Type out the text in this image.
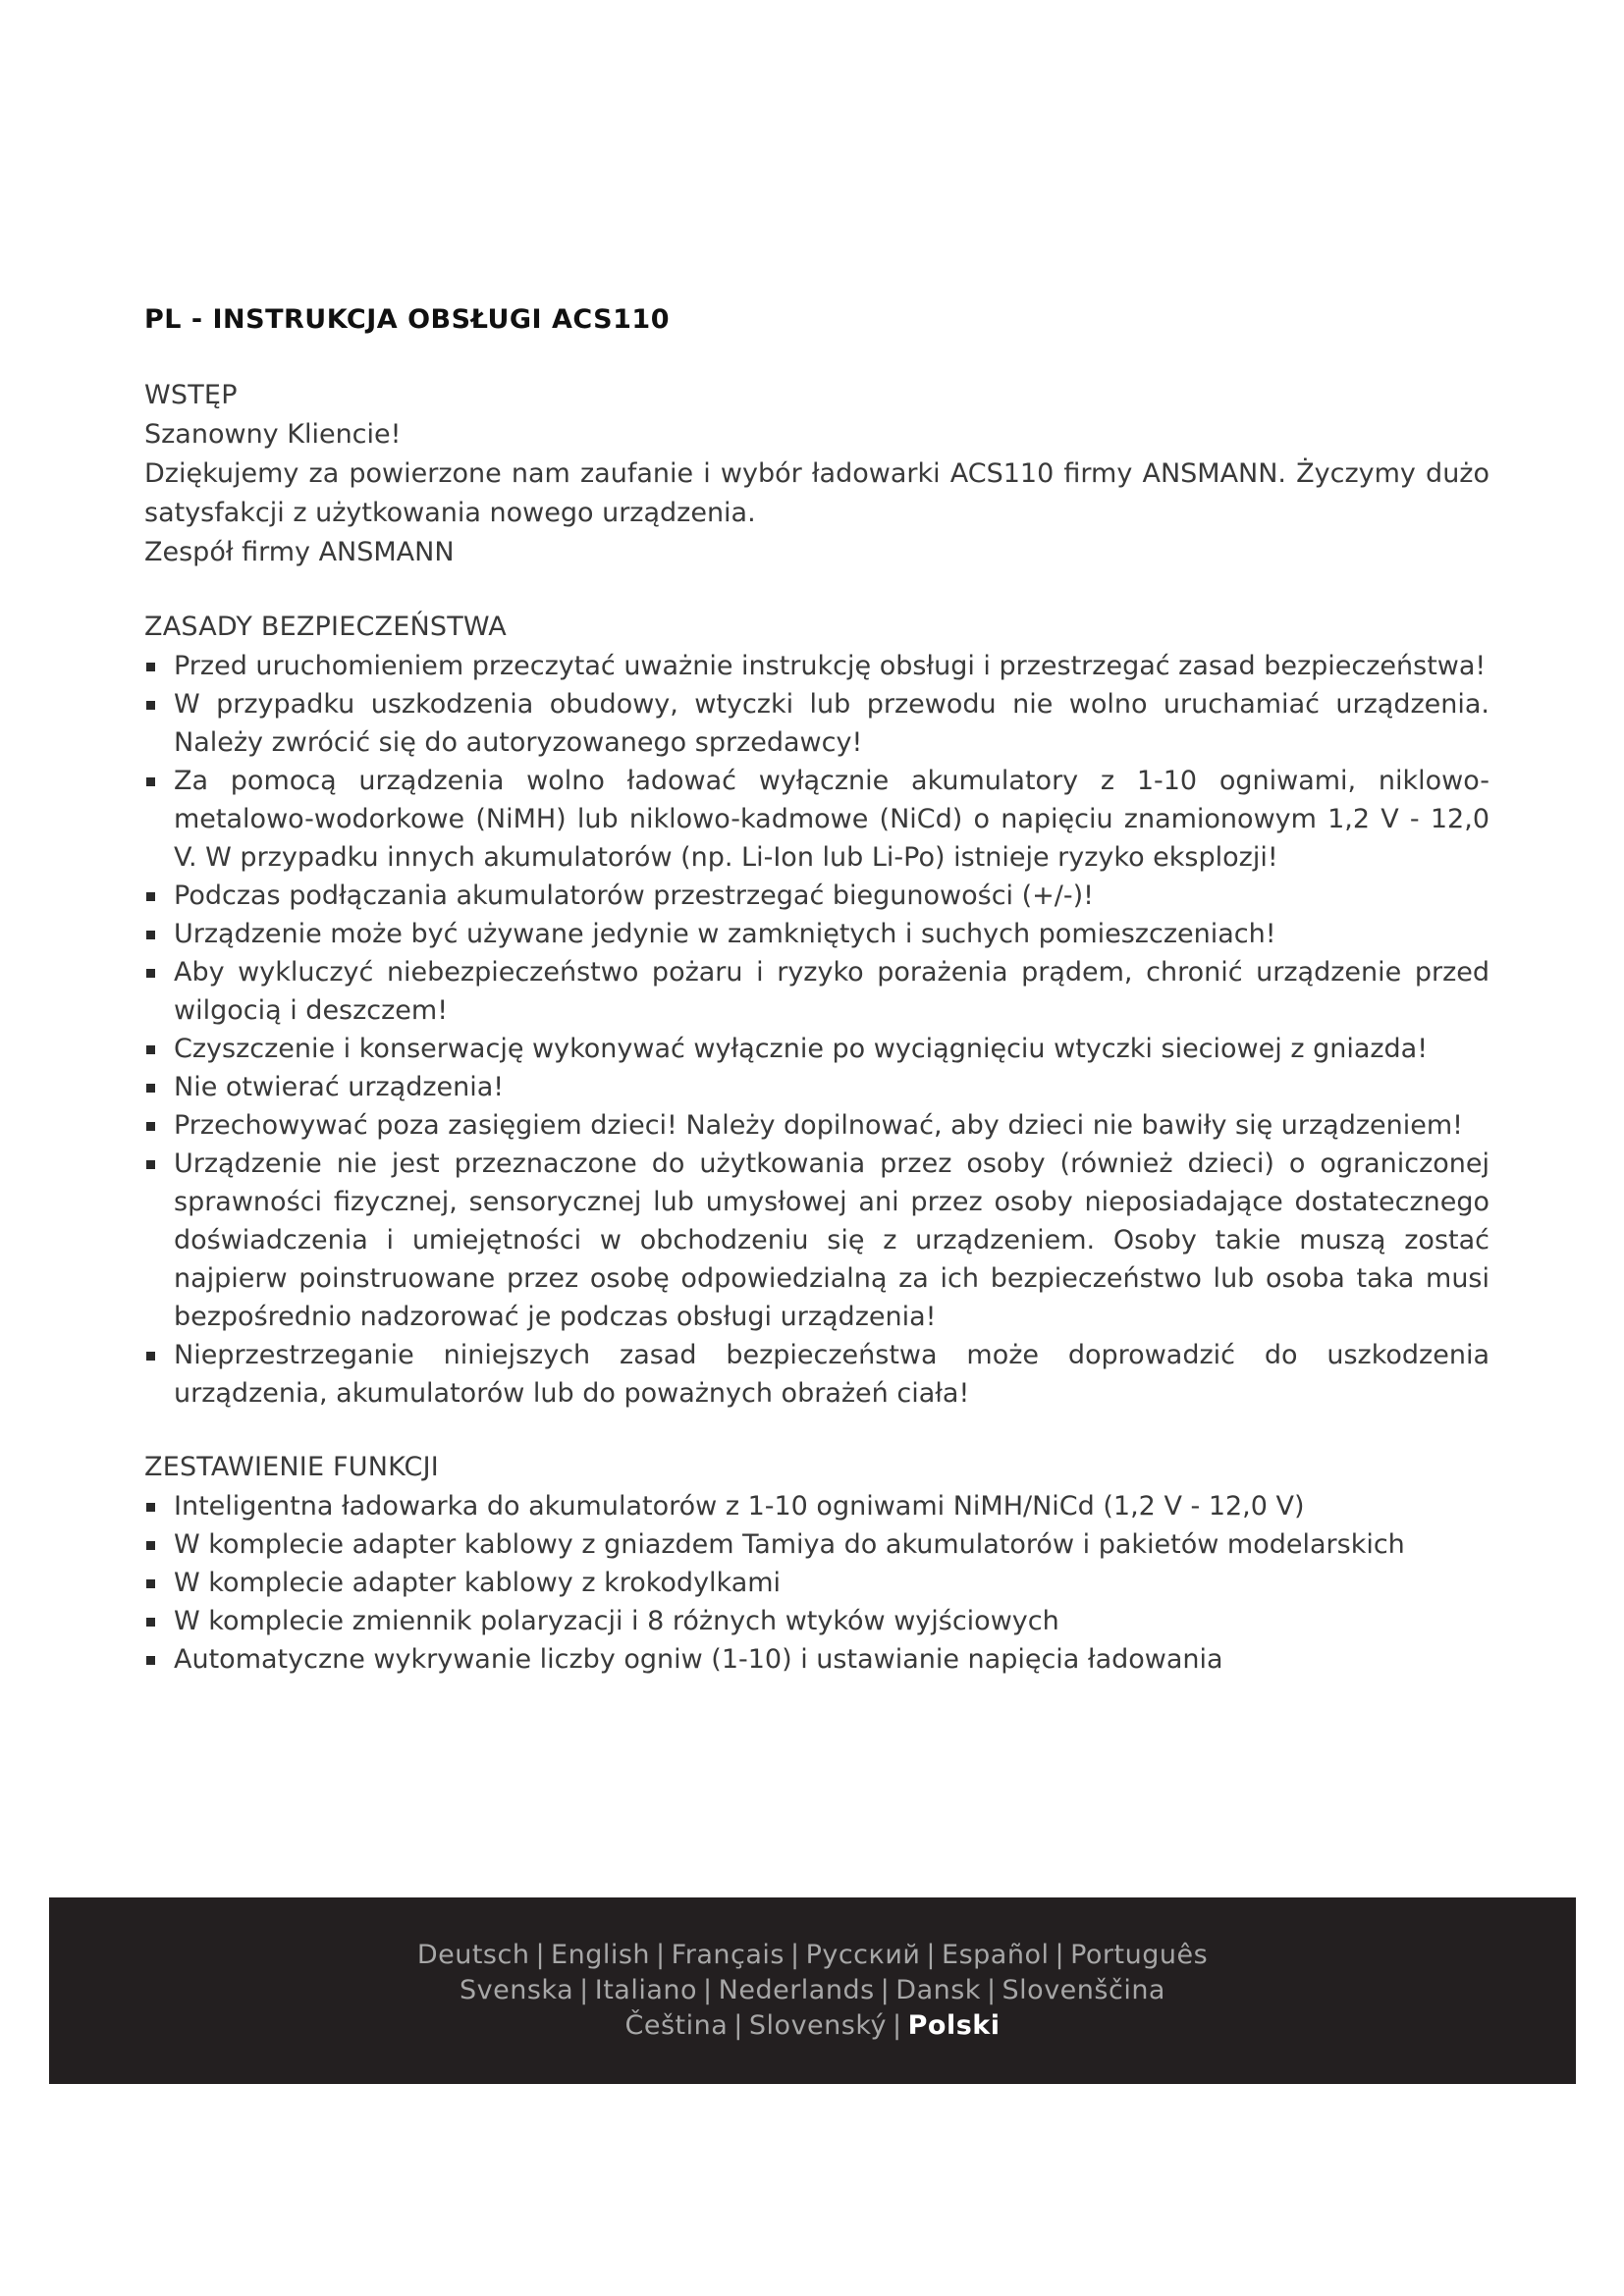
PL - INSTRUKCJA OBSŁUGI ACS110
WSTĘP
Szanowny Kliencie!
Dziękujemy za powierzone nam zaufanie i wybór ładowarki ACS110 firmy ANSMANN. Życzymy dużo satysfakcji z użytkowania nowego urządzenia.
Zespół firmy ANSMANN
ZASADY BEZPIECZEŃSTWA
Przed uruchomieniem przeczytać uważnie instrukcję obsługi i przestrzegać zasad bezpieczeństwa!
W przypadku uszkodzenia obudowy, wtyczki lub przewodu nie wolno uruchamiać urządzenia. Należy zwrócić się do autoryzowanego sprzedawcy!
Za pomocą urządzenia wolno ładować wyłącznie akumulatory z 1-10 ogniwami, niklowo-metalowo-wodorkowe (NiMH) lub niklowo-kadmowe (NiCd) o napięciu znamionowym 1,2 V - 12,0 V. W przypadku innych akumulatorów (np. Li-Ion lub Li-Po) istnieje ryzyko eksplozji!
Podczas podłączania akumulatorów przestrzegać biegunowości (+/-)!
Urządzenie może być używane jedynie w zamkniętych i suchych pomieszczeniach!
Aby wykluczyć niebezpieczeństwo pożaru i ryzyko porażenia prądem, chronić urządzenie przed wilgocią i deszczem!
Czyszczenie i konserwację wykonywać wyłącznie po wyciągnięciu wtyczki sieciowej z gniazda!
Nie otwierać urządzenia!
Przechowywać poza zasięgiem dzieci! Należy dopilnować, aby dzieci nie bawiły się urządzeniem!
Urządzenie nie jest przeznaczone do użytkowania przez osoby (również dzieci) o ograniczonej sprawności fizycznej, sensorycznej lub umysłowej ani przez osoby nieposiadające dostatecznego doświadczenia i umiejętności w obchodzeniu się z urządzeniem. Osoby takie muszą zostać najpierw poinstruowane przez osobę odpowiedzialną za ich bezpieczeństwo lub osoba taka musi bezpośrednio nadzorować je podczas obsługi urządzenia!
Nieprzestrzeganie niniejszych zasad bezpieczeństwa może doprowadzić do uszkodzenia urządzenia, akumulatorów lub do poważnych obrażeń ciała!
ZESTAWIENIE FUNKCJI
Inteligentna ładowarka do akumulatorów z 1-10 ogniwami NiMH/NiCd (1,2 V - 12,0 V)
W komplecie adapter kablowy z gniazdem Tamiya do akumulatorów i pakietów modelarskich
W komplecie adapter kablowy z krokodylkami
W komplecie zmiennik polaryzacji i 8 różnych wtyków wyjściowych
Automatyczne wykrywanie liczby ogniw (1-10) i ustawianie napięcia ładowania
Deutsch | English | Français | Русский | Español | Português
Svenska | Italiano | Nederlands | Dansk | Slovenščina
Čeština | Slovenský | Polski
